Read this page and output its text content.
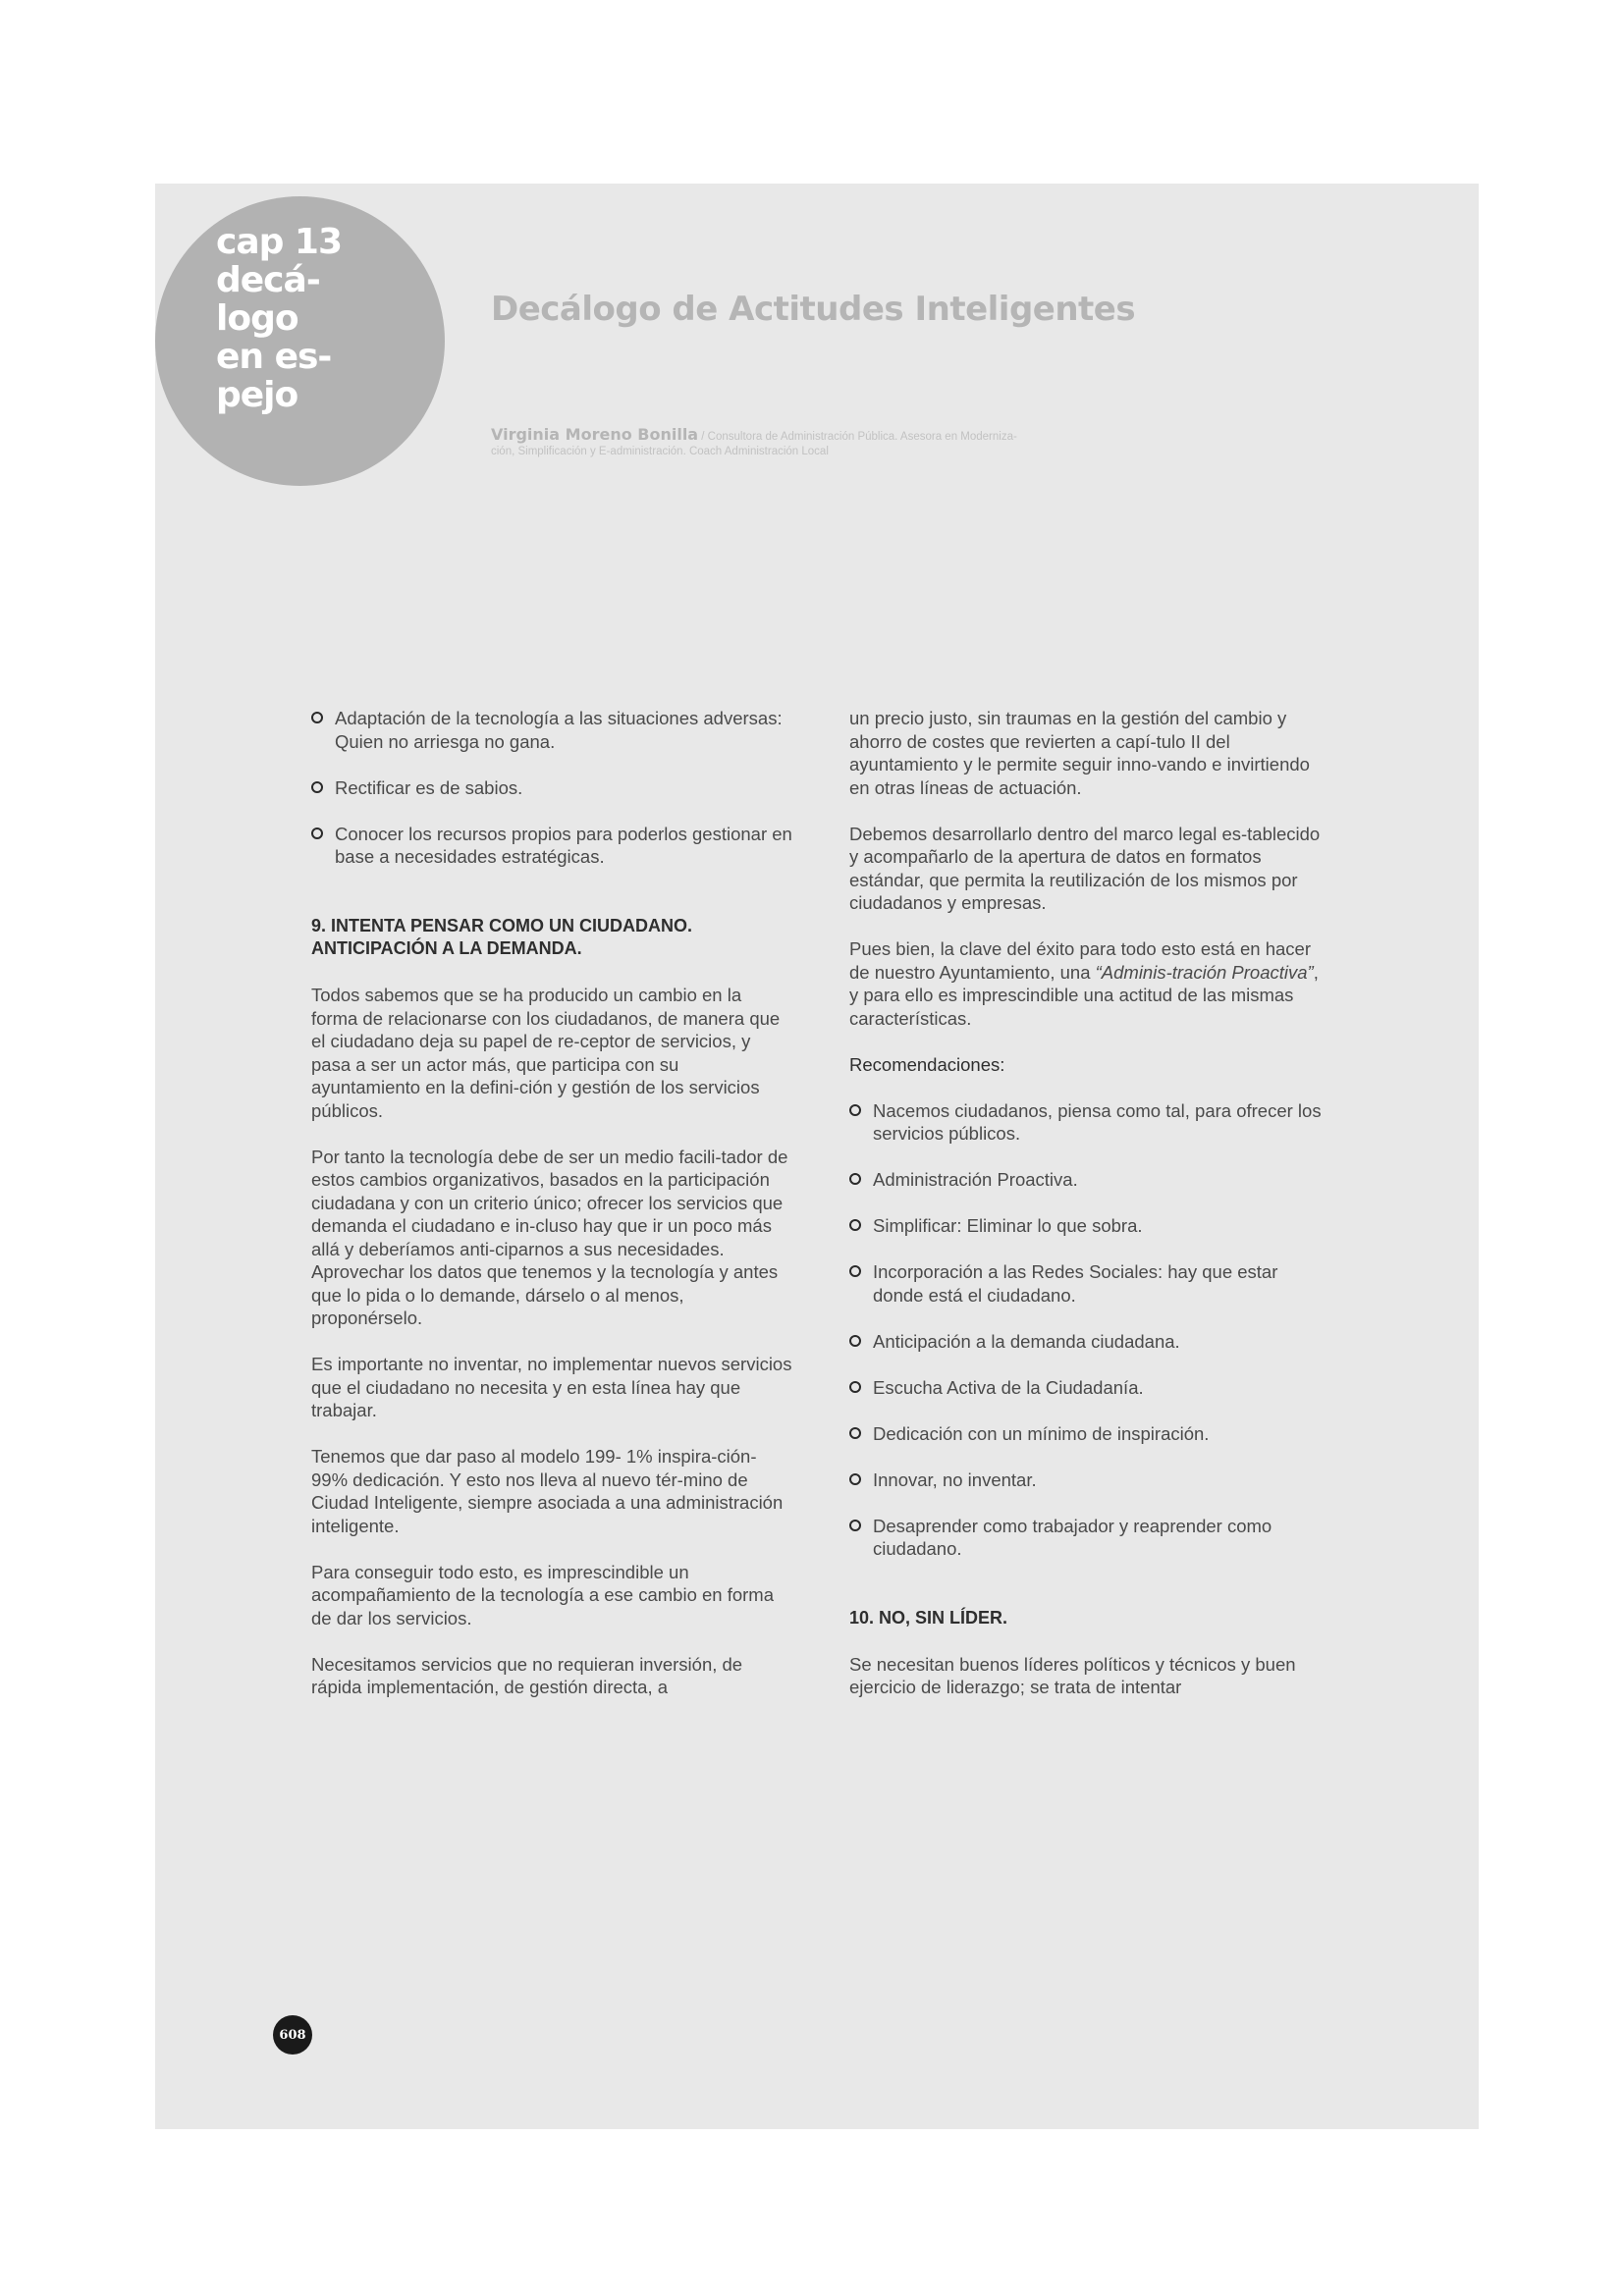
cap 13
decá-
logo
en es-
pejo
Decálogo de Actitudes Inteligentes
Virginia Moreno Bonilla / Consultora de Administración Pública. Asesora en Moderniza-
ción, Simplificación y E-administración. Coach Administración Local
Adaptación de la tecnología a las situaciones adversas: Quien no arriesga no gana.
Rectificar es de sabios.
Conocer los recursos propios para poderlos gestionar en base a necesidades estratégicas.
9. INTENTA PENSAR COMO UN CIUDADANO.
ANTICIPACIÓN A LA DEMANDA.

Todos sabemos que se ha producido un cambio en la forma de relacionarse con los ciudadanos, de manera que el ciudadano deja su papel de re-ceptor de servicios, y pasa a ser un actor más, que participa con su ayuntamiento en la defini-ción y gestión de los servicios públicos.

Por tanto la tecnología debe de ser un medio facili-tador de estos cambios organizativos, basados en la participación ciudadana y con un criterio único; ofrecer los servicios que demanda el ciudadano e in-cluso hay que ir un poco más allá y deberíamos anti-ciparnos a sus necesidades. Aprovechar los datos que tenemos y la tecnología y antes que lo pida o lo demande, dárselo o al menos, proponérselo.

Es importante no inventar, no implementar nuevos servicios que el ciudadano no necesita y en esta línea hay que trabajar.

Tenemos que dar paso al modelo 199- 1% inspira-ción-99% dedicación. Y esto nos lleva al nuevo tér-mino de Ciudad Inteligente, siempre asociada a una administración inteligente.

Para conseguir todo esto, es imprescindible un acompañamiento de la tecnología a ese cambio en forma de dar los servicios.

Necesitamos servicios que no requieran inversión, de rápida implementación, de gestión directa, a

un precio justo, sin traumas en la gestión del cambio y ahorro de costes que revierten a capí-tulo II del ayuntamiento y le permite seguir inno-vando e invirtiendo en otras líneas de actuación.

Debemos desarrollarlo dentro del marco legal es-tablecido y acompañarlo de la apertura de datos en formatos estándar, que permita la reutilización de los mismos por ciudadanos y empresas.

Pues bien, la clave del éxito para todo esto está en hacer de nuestro Ayuntamiento, una “Adminis-tración Proactiva”, y para ello es imprescindible una actitud de las mismas características.

Recomendaciones:

Nacemos ciudadanos, piensa como tal, para ofrecer los servicios públicos.
Administración Proactiva.
Simplificar: Eliminar lo que sobra.
Incorporación a las Redes Sociales: hay que estar donde está el ciudadano.
Anticipación a la demanda ciudadana.
Escucha Activa de la Ciudadanía.
Dedicación con un mínimo de inspiración.
Innovar, no inventar.
Desaprender como trabajador y reaprender como ciudadano.
10. NO, SIN LÍDER.

Se necesitan buenos líderes políticos y técnicos y buen ejercicio de liderazgo; se trata de intentar

608
